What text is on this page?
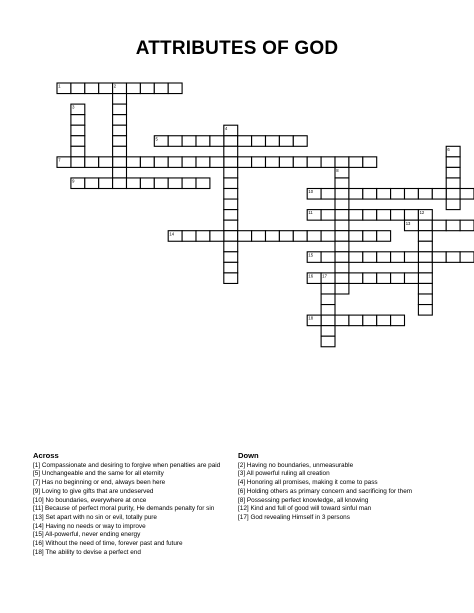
ATTRIBUTES OF GOD
1	2
3
4
5
6
7
8
9
10
11	12
13
14
15
16 17
18
Across
[1] Compassionate and desiring to forgive when penalties are paid
[5] Unchangeable and the same for all eternity
[7] Has no beginning or end, always been here
[9] Loving to give gifts that are undeserved
[10] No boundaries, everywhere at once
[11] Because of perfect moral purity, He demands penalty for sin
[13] Set apart with no sin or evil, totally pure
[14] Having no needs or way to improve
[15] All-powerful, never ending energy
[16] Without the need of time, forever past and future
[18] The ability to devise a perfect end
Down
[2] Having no boundaries, unmeasurable
[3] All powerful ruling all creation
[4] Honoring all promises, making it come to pass
[6] Holding others as primary concern and sacrificing for them
[8] Possessing perfect knowledge, all knowing
[12] Kind and full of good will toward sinful man
[17] God revealing Himself in 3 persons
